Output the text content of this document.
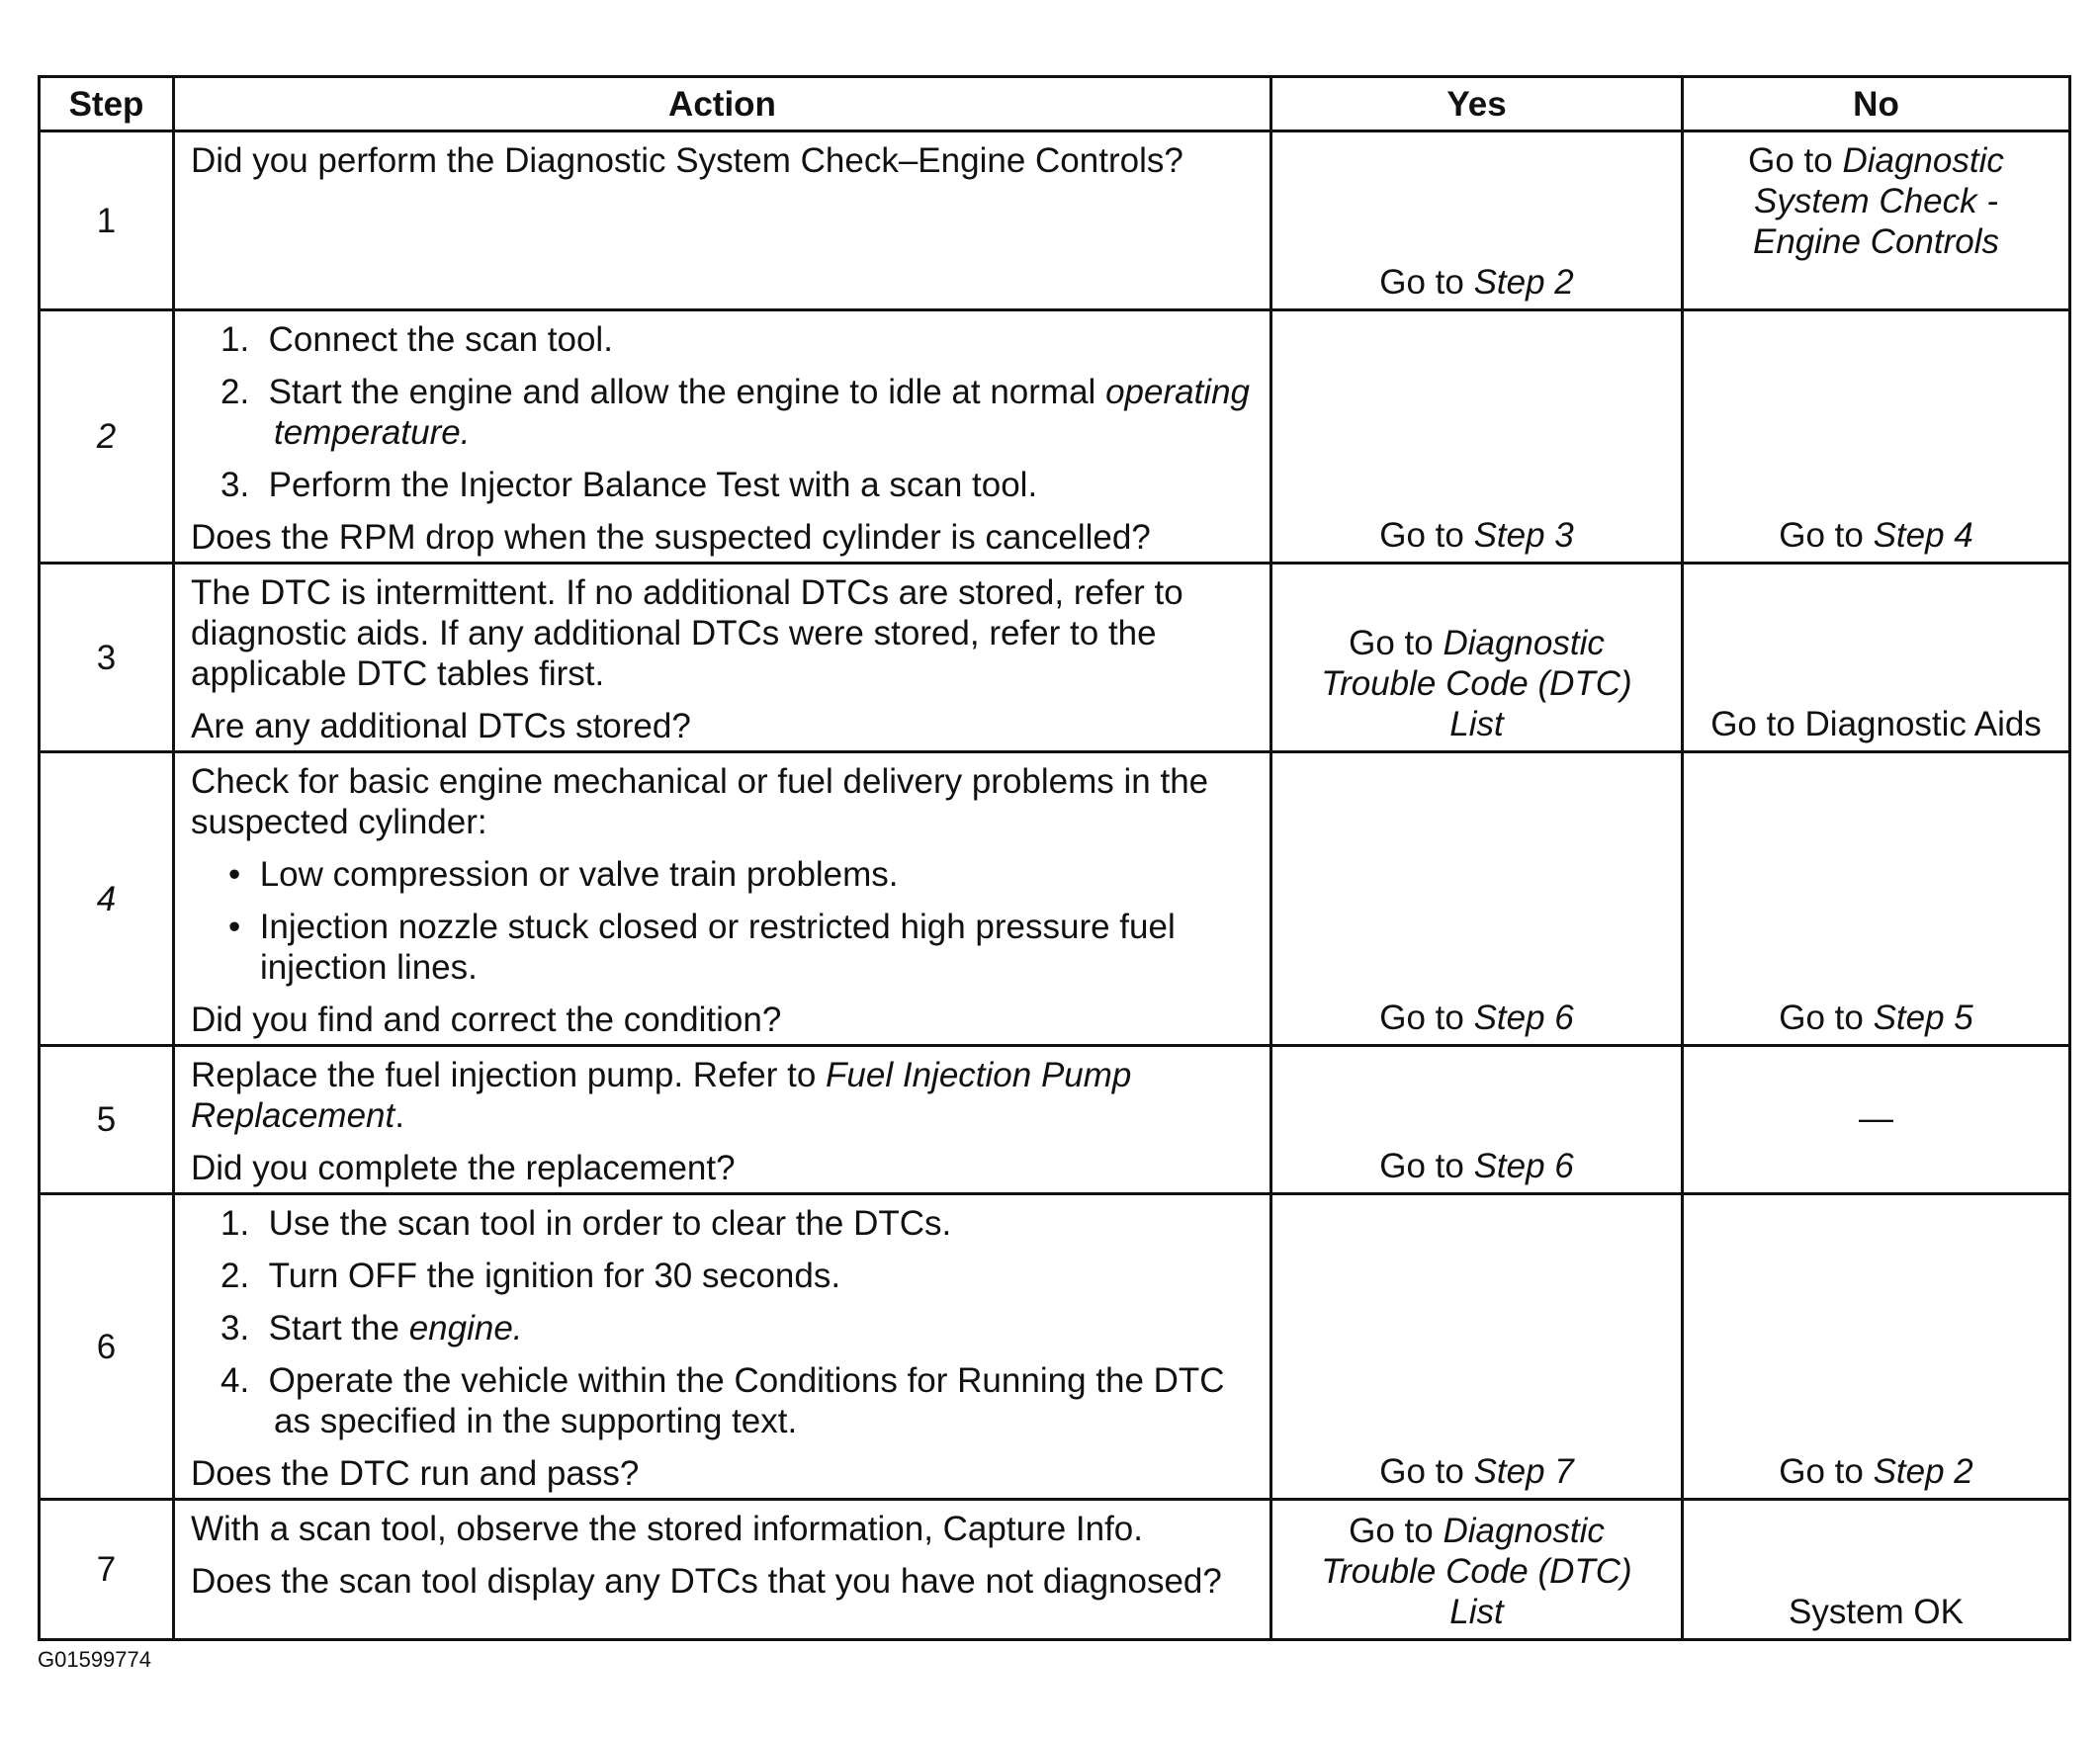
Step	Action	Yes	No
1	Did you perform the Diagnostic System Check–Engine Controls?	Go to Step 2	Go to Diagnostic
System Check -
Engine Controls

2	1. Connect the scan tool.
2. Start the engine and allow the engine to idle at normal operating temperature.
3. Perform the Injector Balance Test with a scan tool.
Does the RPM drop when the suspected cylinder is cancelled?	Go to Step 3	Go to Step 4
3	The DTC is intermittent. If no additional DTCs are stored, refer to diagnostic aids. If any additional DTCs were stored, refer to the applicable DTC tables first.
Are any additional DTCs stored?	Go to Diagnostic
Trouble Code (DTC)
List	Go to Diagnostic Aids
4	Check for basic engine mechanical or fuel delivery problems in the suspected cylinder:
•  Low compression or valve train problems.
•  Injection nozzle stuck closed or restricted high pressure fuel injection lines.
Did you find and correct the condition?	Go to Step 6	Go to Step 5
5	Replace the fuel injection pump. Refer to Fuel Injection Pump Replacement.
Did you complete the replacement?	Go to Step 6	—
6	1. Use the scan tool in order to clear the DTCs.
2. Turn OFF the ignition for 30 seconds.
3. Start the engine.
4. Operate the vehicle within the Conditions for Running the DTC as specified in the supporting text.
Does the DTC run and pass?	Go to Step 7	Go to Step 2
7	With a scan tool, observe the stored information, Capture Info.
Does the scan tool display any DTCs that you have not diagnosed?	Go to Diagnostic
Trouble Code (DTC)
List	System OK
G01599774
